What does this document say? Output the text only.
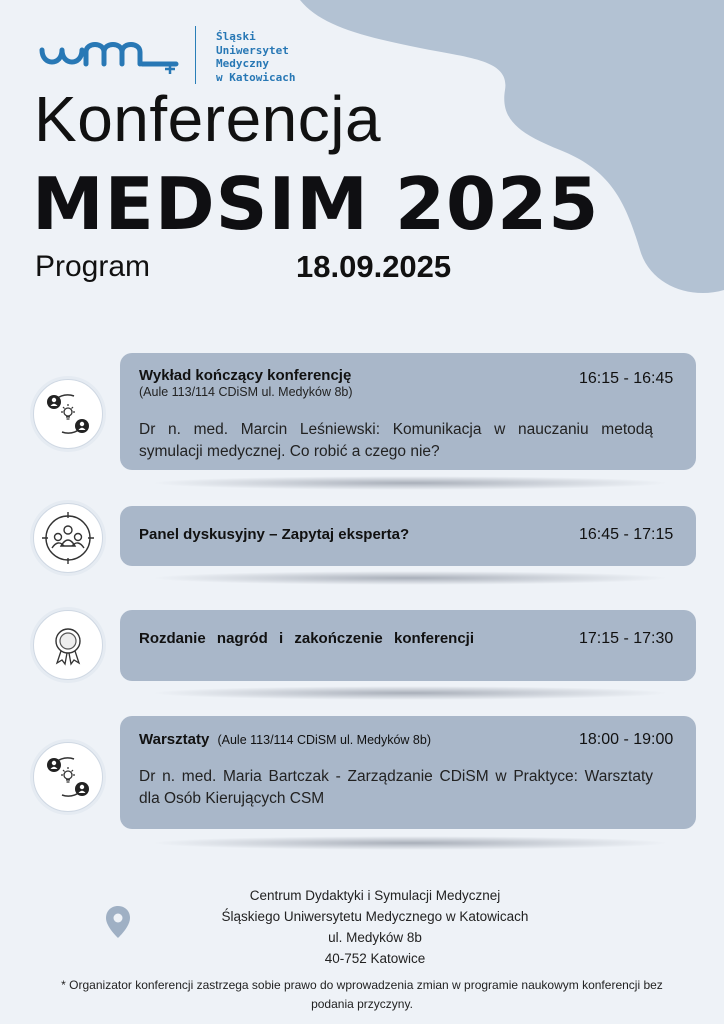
Śląski
Uniwersytet
Medyczny
w Katowicach
Konferencja
MEDSIM 2025
Program	18.09.2025
Wykład kończący konferencję
(Aule 113/114 CDiSM ul. Medyków 8b)
16:15 - 16:45
Dr n. med. Marcin Leśniewski: Komunikacja w nauczaniu metodą symulacji medycznej. Co robić a czego nie?
Panel dyskusyjny – Zapytaj eksperta?	16:45 - 17:15
Rozdanie nagród i zakończenie konferencji	17:15 - 17:30
Warsztaty (Aule 113/114 CDiSM ul. Medyków 8b)	18:00 - 19:00
Dr n. med. Maria Bartczak - Zarządzanie CDiSM w Praktyce: Warsztaty dla Osób Kierujących CSM
Centrum Dydaktyki i Symulacji Medycznej
Śląskiego Uniwersytetu Medycznego w Katowicach
ul. Medyków 8b
40-752 Katowice
* Organizator konferencji zastrzega sobie prawo do wprowadzenia zmian w programie naukowym konferencji bez podania przyczyny.
